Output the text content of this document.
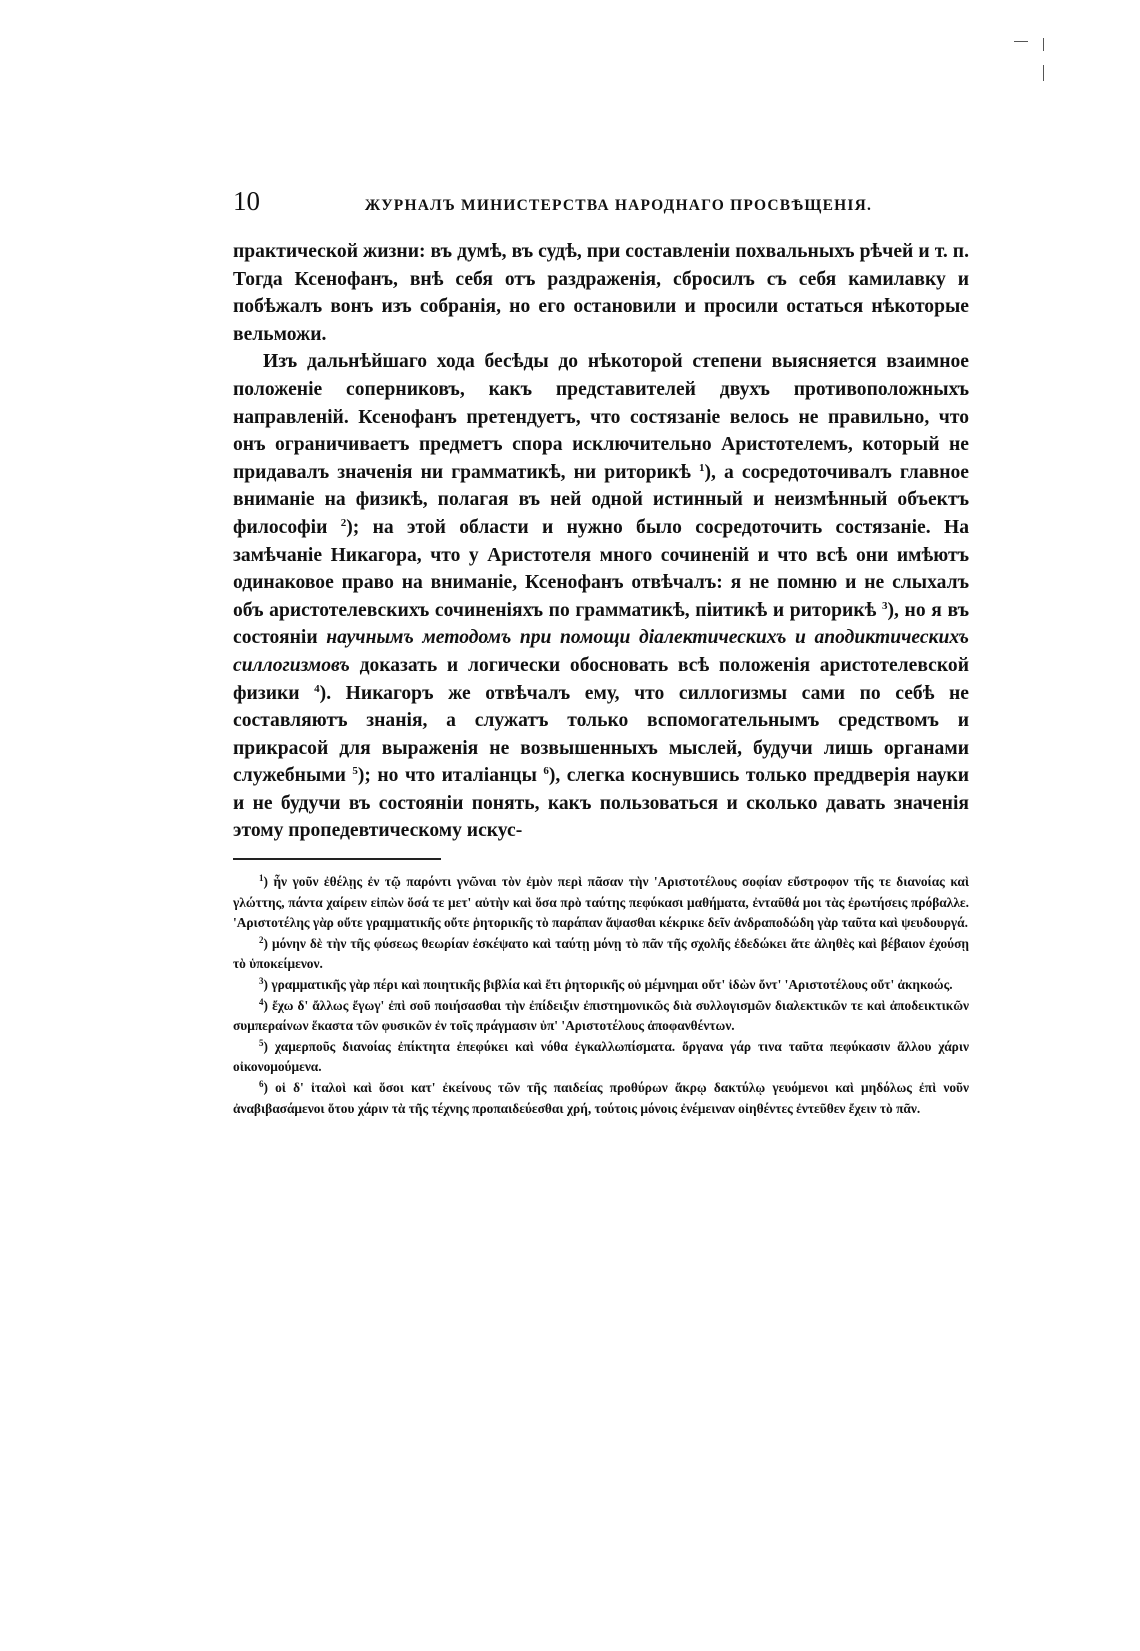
10	ЖУРНАЛЪ МИНИСТЕРСТВА НАРОДНАГО ПРОСВѢЩЕНІЯ.

практической жизни: въ думѣ, въ судѣ, при составленіи похвальныхъ рѣчей и т. п. Тогда Ксенофанъ, внѣ себя отъ раздраженія, сбросилъ съ себя камилавку и побѣжалъ вонъ изъ собранія, но его остановили и просили остаться нѣкоторые вельможи.

Изъ дальнѣйшаго хода бесѣды до нѣкоторой степени выясняется взаимное положеніе соперниковъ, какъ представителей двухъ противоположныхъ направленій. Ксенофанъ претендуетъ, что состязаніе велось не правильно, что онъ ограничиваетъ предметъ спора исключительно Аристотелемъ, который не придавалъ значенія ни грамматикѣ, ни риторикѣ $^1$), а сосредоточивалъ главное вниманіе на физикѣ, полагая въ ней одной истинный и неизмѣнный объектъ философіи $^2$); на этой области и нужно было сосредоточить состязаніе. На замѣчаніе Никагора, что у Аристотеля много сочиненій и что всѣ они имѣютъ одинаковое право на вниманіе, Ксенофанъ отвѣчалъ: я не помню и не слыхалъ объ аристотелевскихъ сочиненіяхъ по грамматикѣ, піитикѣ и риторикѣ $^3$), но я въ состояніи научнымъ методомъ при помощи діалектическихъ и аподиктическихъ силлогизмовъ доказать и логически обосновать всѣ положенія аристотелевской физики $^4$). Никагоръ же отвѣчалъ ему, что силлогизмы сами по себѣ не составляютъ знанія, а служатъ только вспомогательнымъ средствомъ и прикрасой для выраженія не возвышенныхъ мыслей, будучи лишь органами служебными $^5$); но что италіанцы $^6$), слегка коснувшись только преддверія науки и не будучи въ состояніи понять, какъ пользоваться и сколько давать значенія этому пропедевтическому искус-

$^1$) ἦν γοῦν ἐθέλῃς ἐν τῷ παρόντι γνῶναι τὸν ἐμὸν περὶ πᾶσαν τὴν 'Αριστοτέλους σοφίαν εὔστροφον τῆς τε διανοίας καὶ γλώττης, πάντα χαίρειν εἰπὼν ὅσά τε μετ' αὐτὴν καὶ ὅσα πρὸ ταύτης πεφύκασι μαθήματα, ἐνταῦθά μοι τὰς ἐρωτήσεις πρόβαλλε. 'Αριστοτέλης γὰρ οὔτε γραμματικῆς οὔτε ῥητορικῆς τὸ παράπαν ἅψασθαι κέκρικε δεῖν ἀνδραποδώδη γὰρ ταῦτα καὶ ψευδουργά.

$^2$) μόνην δὲ τὴν τῆς φύσεως θεωρίαν ἐσκέψατο καὶ ταύτῃ μόνῃ τὸ πᾶν τῆς σχολῆς ἐδεδώκει ἅτε ἀληθὲς καὶ βέβαιον ἐχούσῃ τὸ ὑποκείμενον.

$^3$) γραμματικῆς γὰρ πέρι καὶ ποιητικῆς βιβλία καὶ ἔτι ῥητορικῆς οὐ μέμνημαι οὔτ' ἰδὼν ὄντ' 'Αριστοτέλους οὔτ' ἀκηκοώς.

$^4$) ἔχω δ' ἄλλως ἔγωγ' ἐπὶ σοῦ ποιήσασθαι τὴν ἐπίδειξιν ἐπιστημονικῶς διὰ συλλογισμῶν διαλεκτικῶν τε καὶ ἀποδεικτικῶν συμπεραίνων ἕκαστα τῶν φυσικῶν ἐν τοῖς πράγμασιν ὑπ' 'Αριστοτέλους ἀποφανθέντων.

$^5$) χαμερποῦς διανοίας ἐπίκτητα ἐπεφύκει καὶ νόθα ἐγκαλλωπίσματα. ὄργανα γάρ τινα ταῦτα πεφύκασιν ἄλλου χάριν οἰκονομούμενα.

$^6$) οἱ δ' ἰταλοὶ καὶ ὅσοι κατ' ἐκείνους τῶν τῆς παιδείας προθύρων ἄκρῳ δακτύλῳ γευόμενοι καὶ μηδόλως ἐπὶ νοῦν ἀναβιβασάμενοι ὅτου χάριν τὰ τῆς τέχνης προπαιδεύεσθαι χρή, τούτοις μόνοις ἐνέμειναν οἰηθέντες ἐντεῦθεν ἔχειν τὸ πᾶν.
